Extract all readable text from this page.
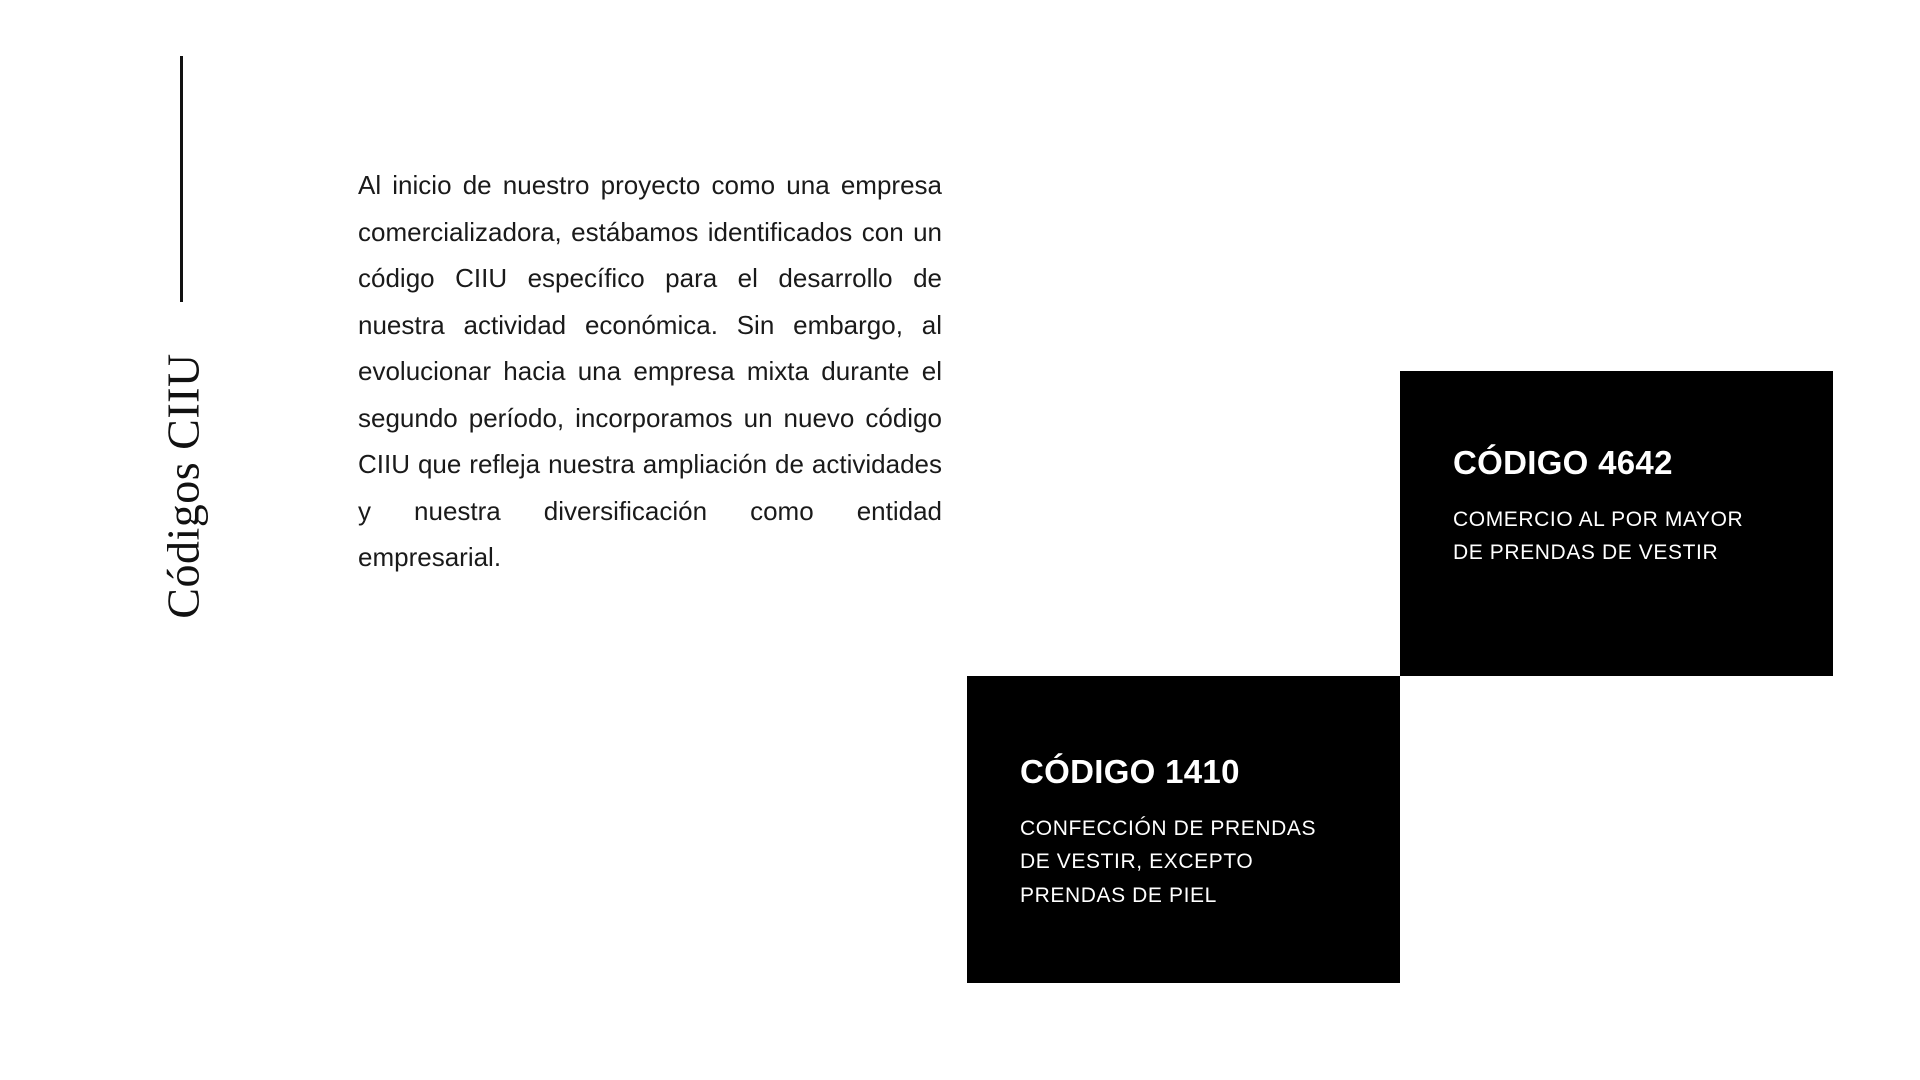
Códigos CIIU

Al inicio de nuestro proyecto como una empresa comercializadora, estábamos identificados con un código CIIU específico para el desarrollo de nuestra actividad económica. Sin embargo, al evolucionar hacia una empresa mixta durante el segundo período, incorporamos un nuevo código CIIU que refleja nuestra ampliación de actividades y nuestra diversificación como entidad empresarial.

CÓDIGO 4642

COMERCIO AL POR MAYOR
DE PRENDAS DE VESTIR

CÓDIGO 1410

CONFECCIÓN DE PRENDAS
DE VESTIR, EXCEPTO
PRENDAS DE PIEL
